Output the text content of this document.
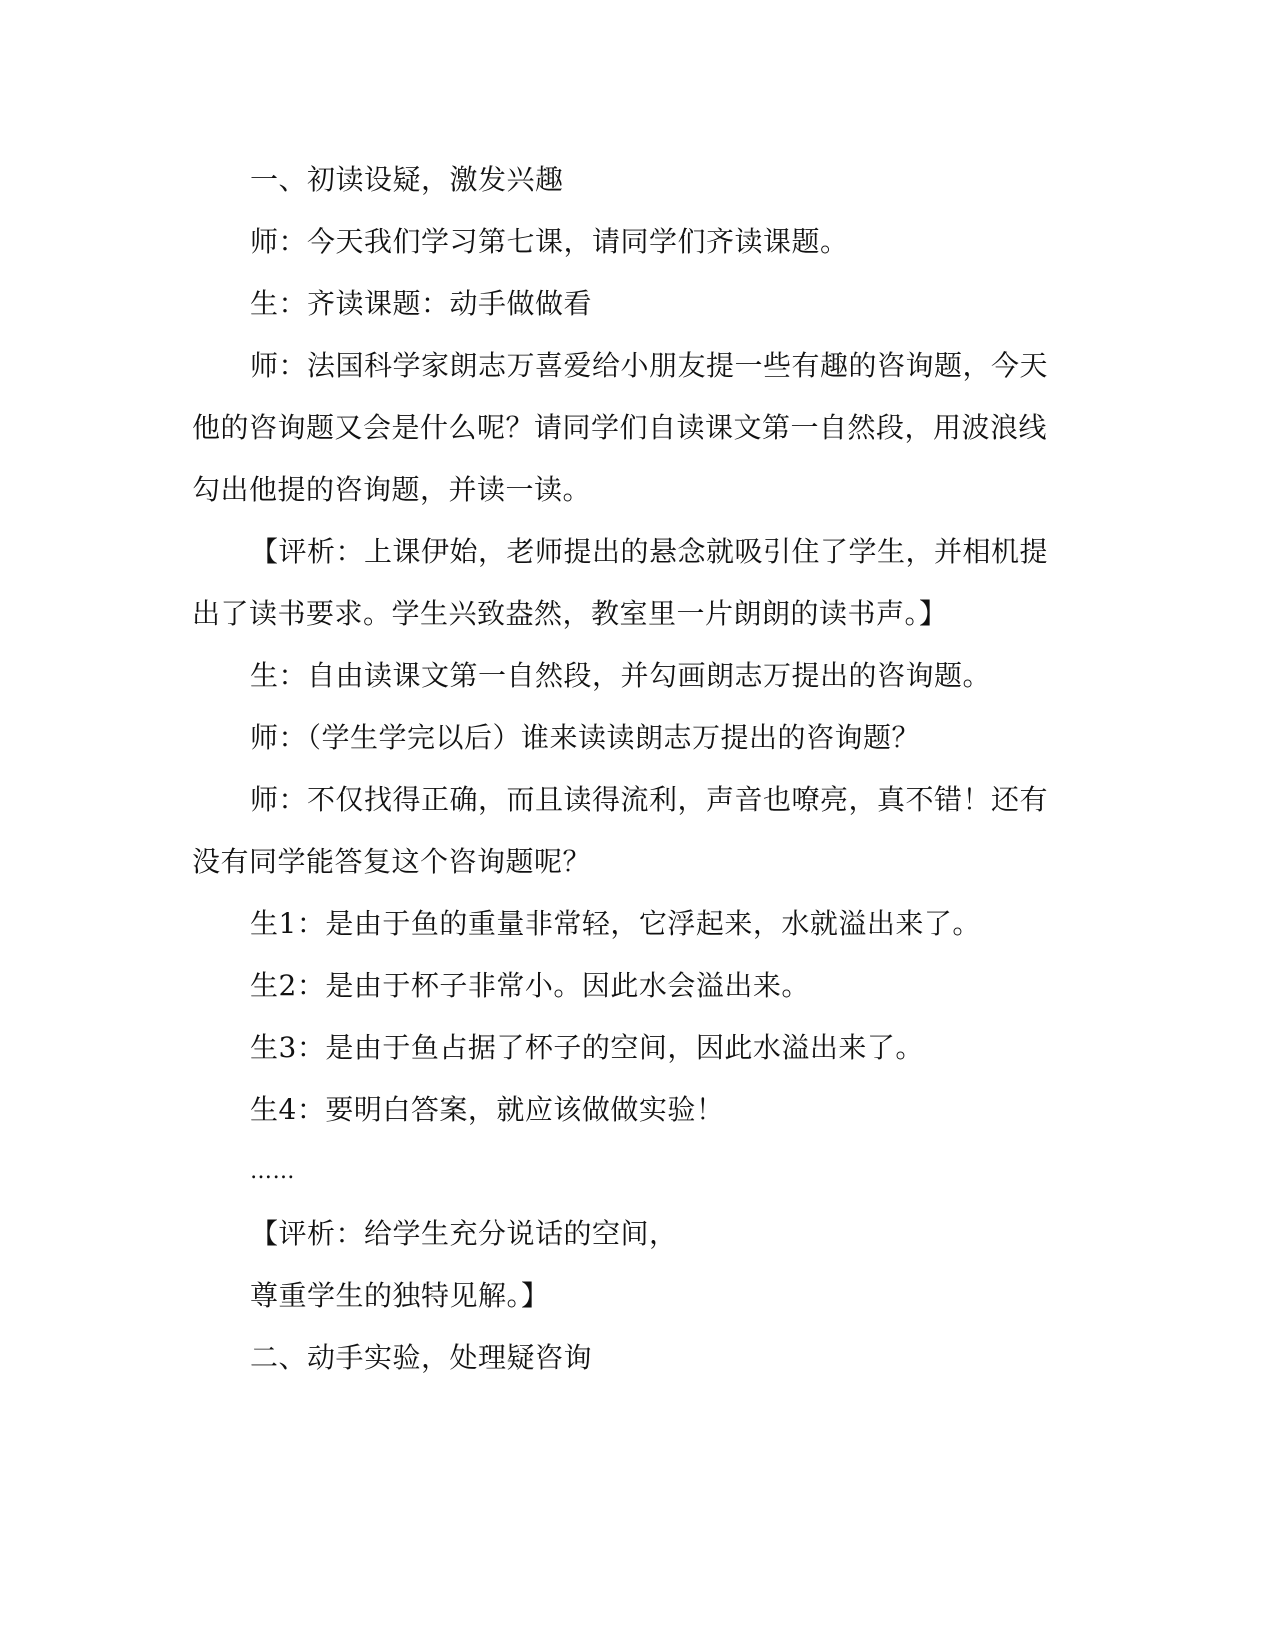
一、初读设疑，激发兴趣
师：今天我们学习第七课，请同学们齐读课题。
生：齐读课题：动手做做看
师：法国科学家朗志万喜爱给小朋友提一些有趣的咨询题，今天
他的咨询题又会是什么呢？请同学们自读课文第一自然段，用波浪线
勾出他提的咨询题，并读一读。
【评析：上课伊始，老师提出的悬念就吸引住了学生，并相机提
出了读书要求。学生兴致盎然，教室里一片朗朗的读书声。】
生：自由读课文第一自然段，并勾画朗志万提出的咨询题。
师：（学生学完以后）谁来读读朗志万提出的咨询题？
师：不仅找得正确，而且读得流利，声音也嘹亮，真不错！还有
没有同学能答复这个咨询题呢？
生1：是由于鱼的重量非常轻，它浮起来，水就溢出来了。
生2：是由于杯子非常小。因此水会溢出来。
生3：是由于鱼占据了杯子的空间，因此水溢出来了。
生4：要明白答案，就应该做做实验！
……
【评析：给学生充分说话的空间，
尊重学生的独特见解。】
二、动手实验，处理疑咨询
